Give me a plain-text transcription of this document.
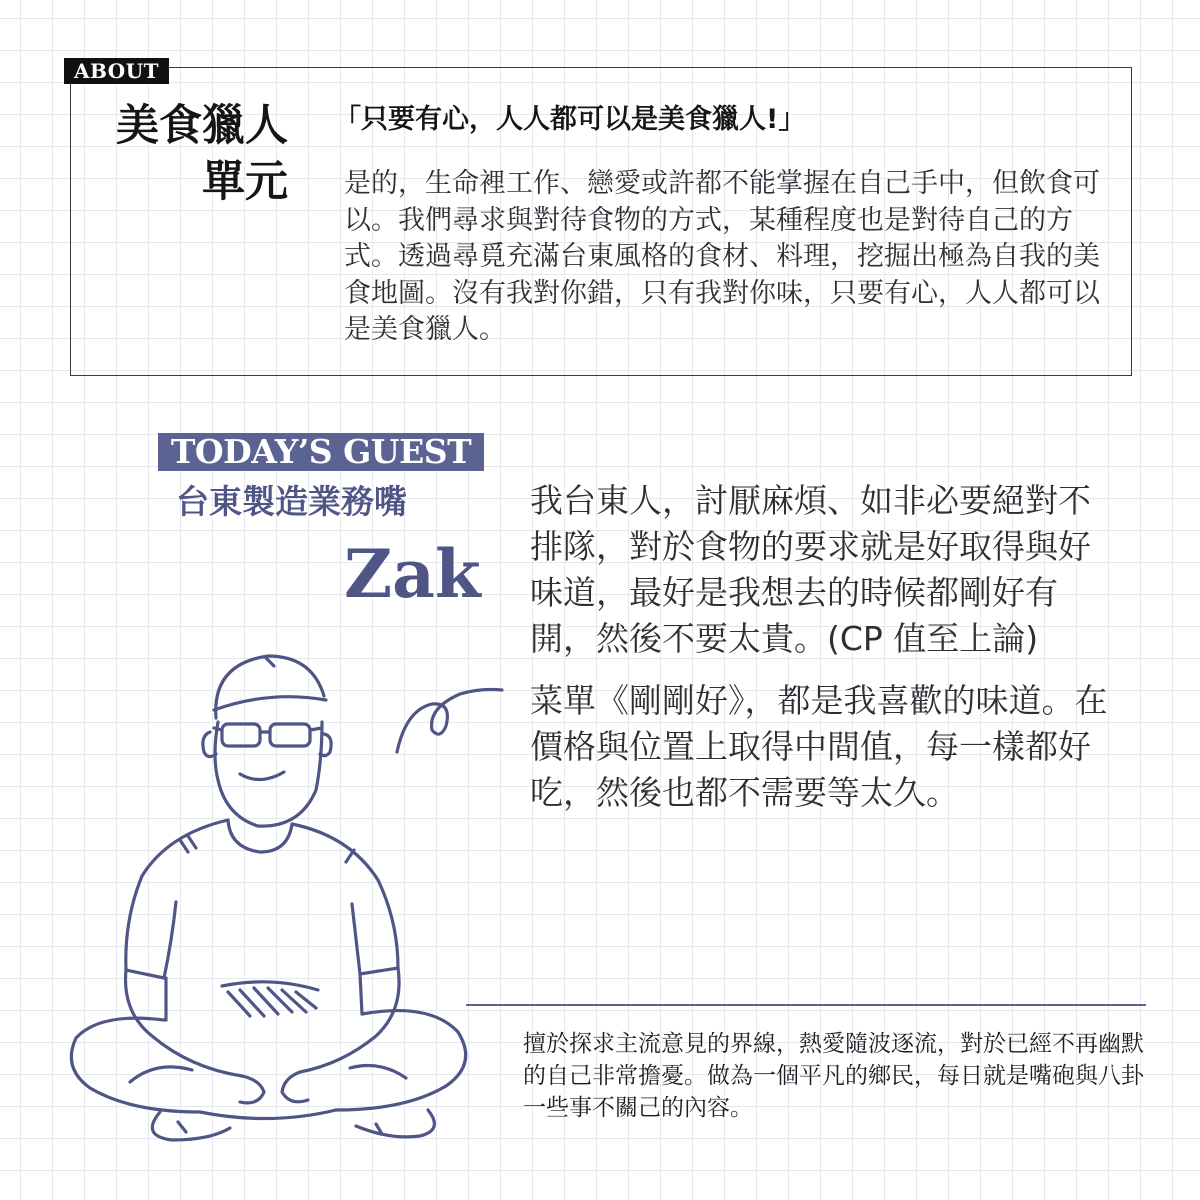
ABOUT
美食獵人
單元
「只要有心，人人都可以是美食獵人!」
是的，生命裡工作、戀愛或許都不能掌握在自己手中，但飲食可以。我們尋求與對待食物的方式，某種程度也是對待自己的方式。透過尋覓充滿台東風格的食材、料理，挖掘出極為自我的美食地圖。沒有我對你錯，只有我對你味，只要有心，人人都可以是美食獵人。
TODAY’S GUEST
台東製造業務嘴
Zak

我台東人，討厭麻煩、如非必要絕對不排隊，對於食物的要求就是好取得與好味道，最好是我想去的時候都剛好有開，然後不要太貴。(CP 值至上論)

菜單《剛剛好》，都是我喜歡的味道。在價格與位置上取得中間值，每一樣都好吃，然後也都不需要等太久。

擅於探求主流意見的界線，熱愛隨波逐流，對於已經不再幽默的自己非常擔憂。做為一個平凡的鄉民，每日就是嘴砲與八卦一些事不關己的內容。
